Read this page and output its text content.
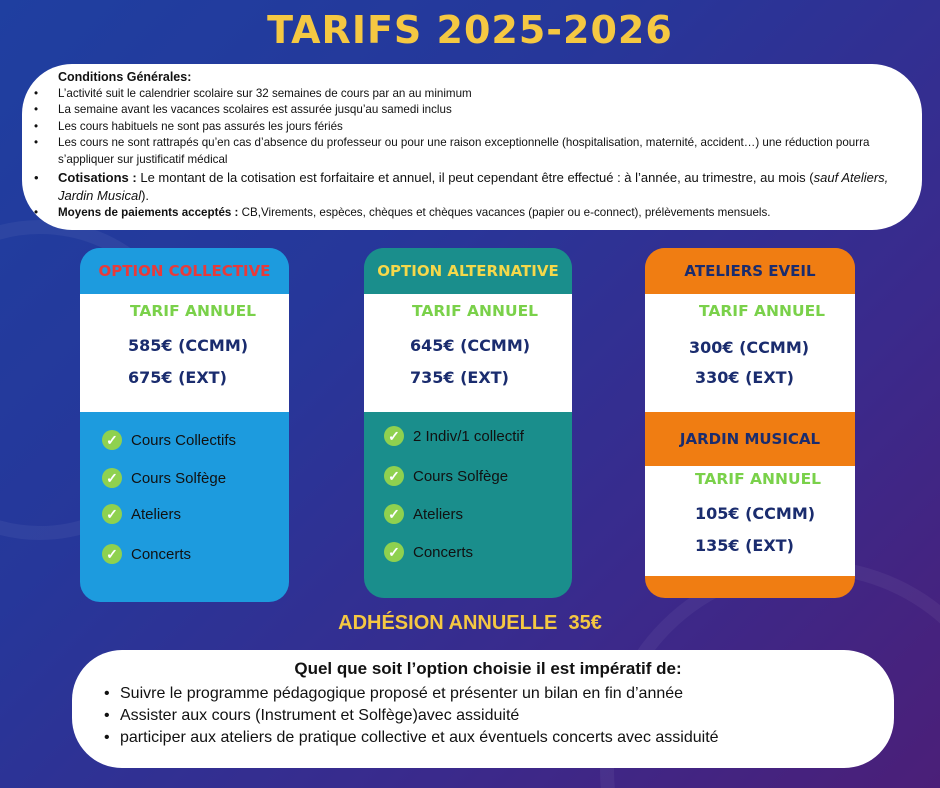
TARIFS 2025-2026
Conditions Générales:
• L’activité suit le calendrier scolaire sur 32 semaines de cours par an au minimum
• La semaine avant les vacances scolaires est assurée jusqu’au samedi inclus
• Les cours habituels ne sont pas assurés les jours fériés
• Les cours ne sont rattrapés qu’en cas d’absence du professeur ou pour une raison exceptionnelle (hospitalisation, maternité, accident…) une réduction pourra s’appliquer sur justificatif médical
• Cotisations : Le montant de la cotisation est forfaitaire et annuel, il peut cependant être effectué : à l’année, au trimestre, au mois (sauf Ateliers, Jardin Musical).
• Moyens de paiements acceptés : CB,Virements, espèces, chèques et chèques vacances (papier ou e-connect), prélèvements mensuels.
OPTION COLLECTIVE
TARIF ANNUEL
585€ (CCMM)
675€ (EXT)
✓ Cours Collectifs
✓ Cours Solfège
✓ Ateliers
✓ Concerts
OPTION ALTERNATIVE
TARIF ANNUEL
645€ (CCMM)
735€ (EXT)
✓ 2 Indiv/1 collectif
✓ Cours Solfège
✓ Ateliers
✓ Concerts
ATELIERS EVEIL
TARIF ANNUEL
300€ (CCMM)
330€ (EXT)
JARDIN MUSICAL
TARIF ANNUEL
105€ (CCMM)
135€ (EXT)
ADHÉSION ANNUELLE  35€
Quel que soit l’option choisie il est impératif de:
• Suivre le programme pédagogique proposé et présenter un bilan en fin d’année
• Assister aux cours (Instrument et Solfège)avec assiduité
• participer aux ateliers de pratique collective et aux éventuels concerts avec assiduité
